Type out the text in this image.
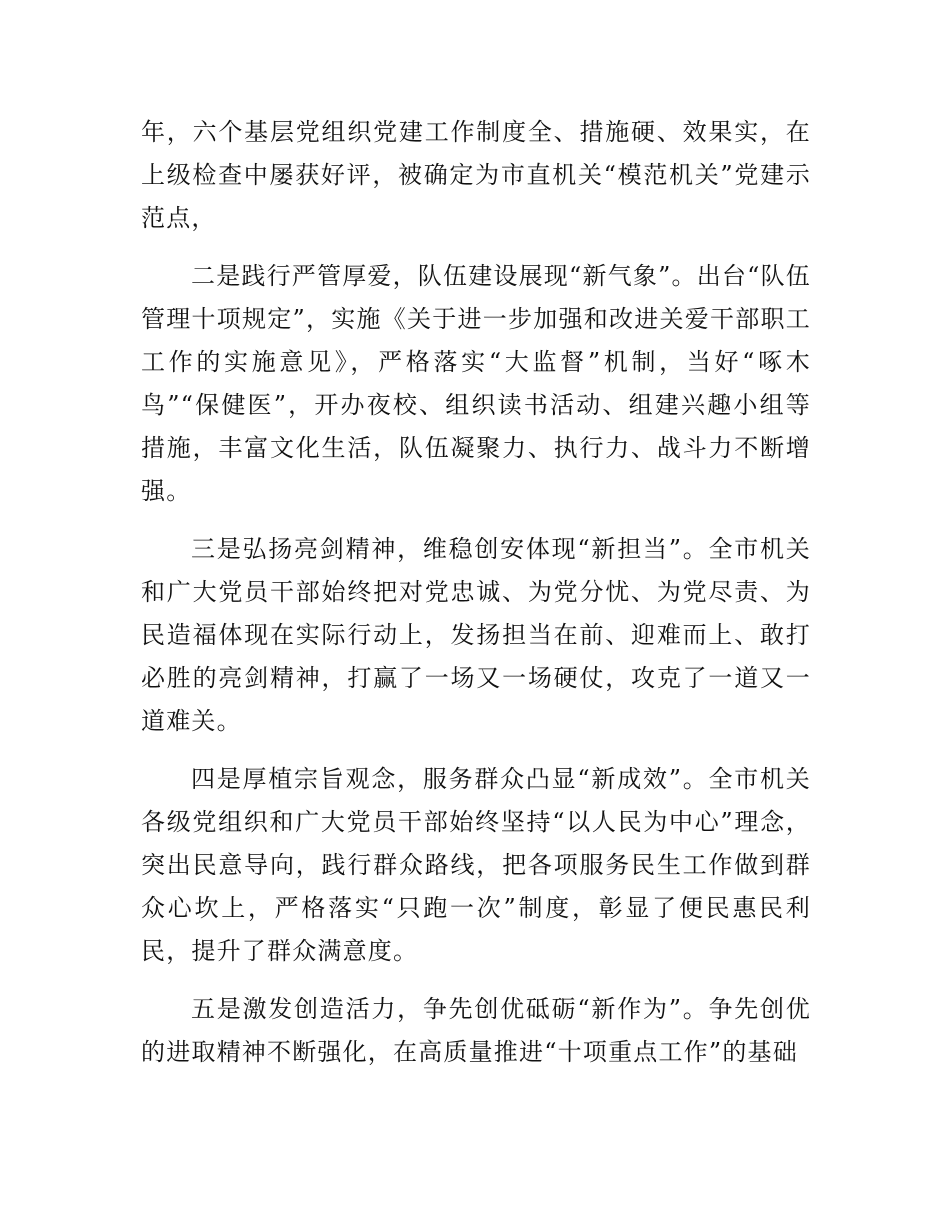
年，六个基层党组织党建工作制度全、措施硬、效果实，在上级检查中屡获好评，被确定为市直机关“模范机关”党建示范点，

二是践行严管厚爱，队伍建设展现“新气象”。出台“队伍管理十项规定”，实施《关于进一步加强和改进关爱干部职工工作的实施意见》，严格落实“大监督”机制，当好“啄木鸟”“保健医”，开办夜校、组织读书活动、组建兴趣小组等措施，丰富文化生活，队伍凝聚力、执行力、战斗力不断增强。

三是弘扬亮剑精神，维稳创安体现“新担当”。全市机关和广大党员干部始终把对党忠诚、为党分忧、为党尽责、为民造福体现在实际行动上，发扬担当在前、迎难而上、敢打必胜的亮剑精神，打赢了一场又一场硬仗，攻克了一道又一道难关。

四是厚植宗旨观念，服务群众凸显“新成效”。全市机关各级党组织和广大党员干部始终坚持“以人民为中心”理念，突出民意导向，践行群众路线，把各项服务民生工作做到群众心坎上，严格落实“只跑一次”制度，彰显了便民惠民利民，提升了群众满意度。

五是激发创造活力，争先创优砥砺“新作为”。争先创优的进取精神不断强化，在高质量推进“十项重点工作”的基础
